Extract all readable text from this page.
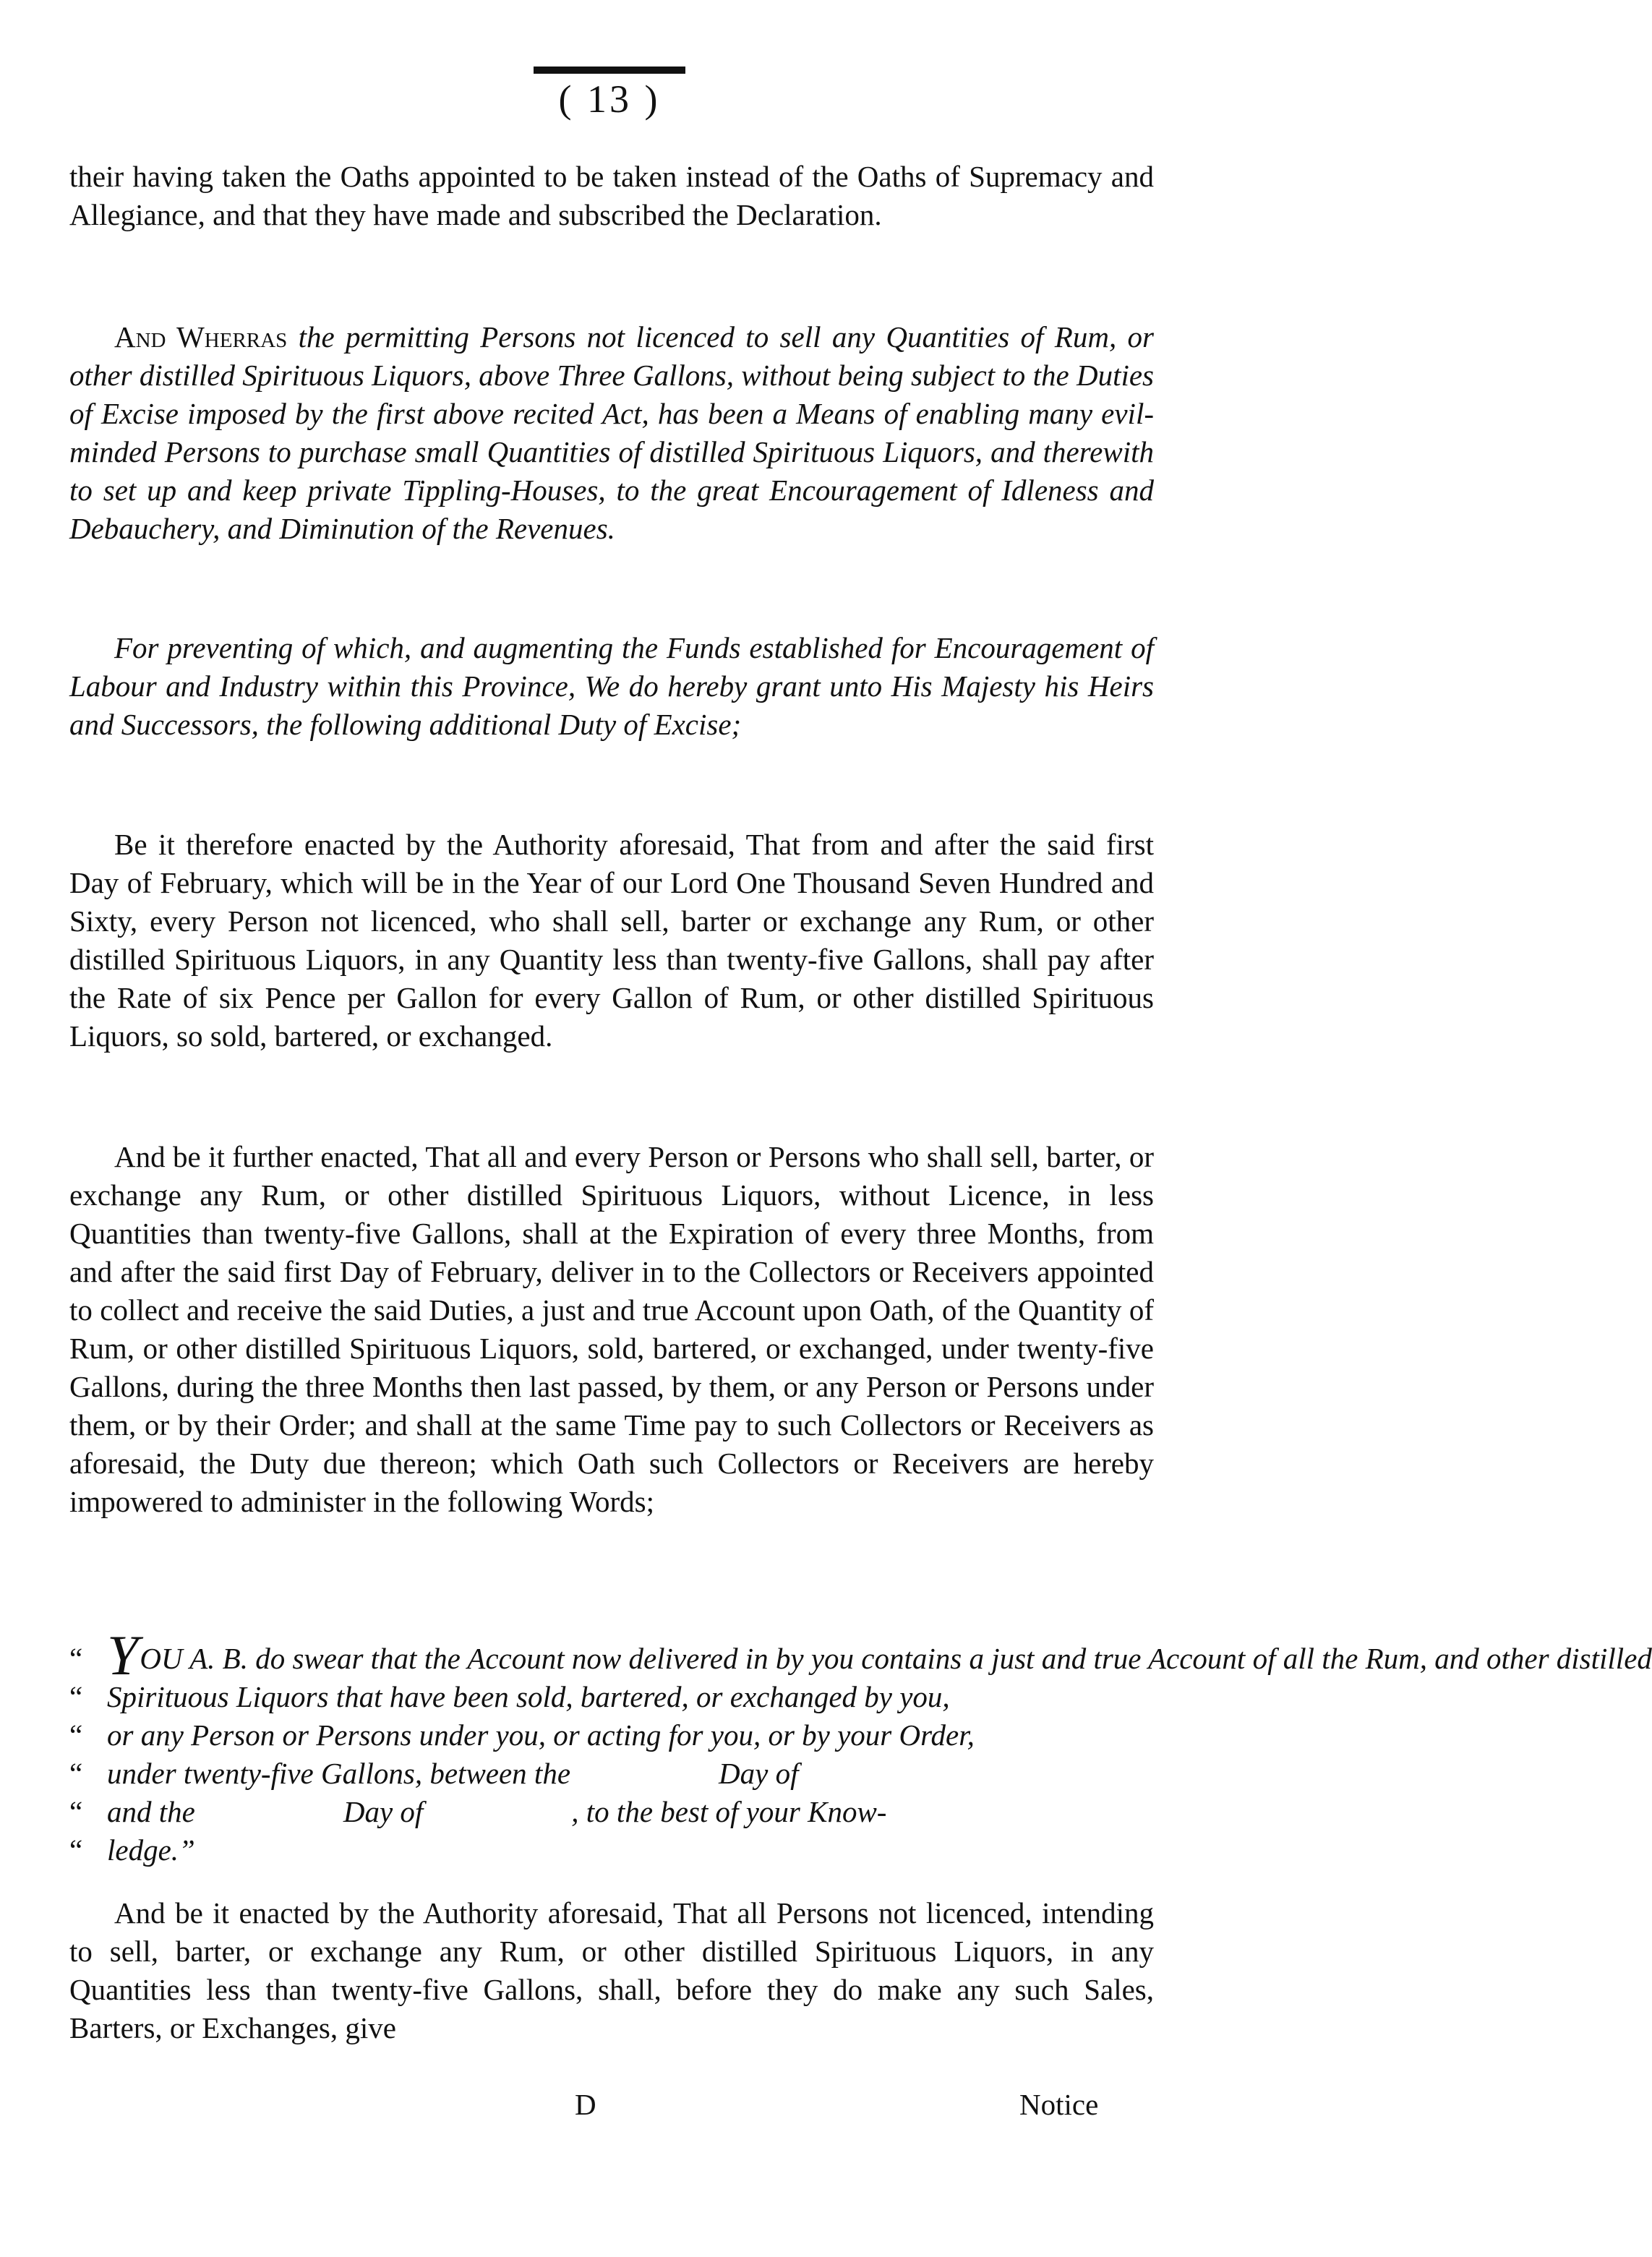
( 13 )

their having taken the Oaths appointed to be taken instead of the Oaths of Supremacy and Allegiance, and that they have made and subscribed the Declaration.

And Wherras the permitting Persons not licenced to sell any Quantities of Rum, or other distilled Spirituous Liquors, above Three Gallons, without being subject to the Duties of Excise imposed by the first above recited Act, has been a Means of enabling many evil-minded Persons to purchase small Quantities of distilled Spirituous Liquors, and therewith to set up and keep private Tippling-Houses, to the great Encouragement of Idleness and Debauchery, and Diminution of the Revenues.

For preventing of which, and augmenting the Funds established for Encouragement of Labour and Industry within this Province, We do hereby grant unto His Majesty his Heirs and Successors, the following additional Duty of Excise;

Be it therefore enacted by the Authority aforesaid, That from and after the said first Day of February, which will be in the Year of our Lord One Thousand Seven Hundred and Sixty, every Person not licenced, who shall sell, barter or exchange any Rum, or other distilled Spirituous Liquors, in any Quantity less than twenty-five Gallons, shall pay after the Rate of six Pence per Gallon for every Gallon of Rum, or other distilled Spirituous Liquors, so sold, bartered, or exchanged.

And be it further enacted, That all and every Person or Persons who shall sell, barter, or exchange any Rum, or other distilled Spirituous Liquors, without Licence, in less Quantities than twenty-five Gallons, shall at the Expiration of every three Months, from and after the said first Day of February, deliver in to the Collectors or Receivers appointed to collect and receive the said Duties, a just and true Account upon Oath, of the Quantity of Rum, or other distilled Spirituous Liquors, sold, bartered, or exchanged, under twenty-five Gallons, during the three Months then last passed, by them, or any Person or Persons under them, or by their Order; and shall at the same Time pay to such Collectors or Receivers as aforesaid, the Duty due thereon; which Oath such Collectors or Receivers are hereby impowered to administer in the following Words;

“ YOU A. B. do swear that the Account now delivered in by you contains a just and true Account of all the Rum, and other distilled
“ Spirituous Liquors that have been sold, bartered, or exchanged by you,
“ or any Person or Persons under you, or acting for you, or by your Order,
“ under twenty-five Gallons, between the                    Day of
“ and the                    Day of                    , to the best of your Know-
“ ledge.”

And be it enacted by the Authority aforesaid, That all Persons not licenced, intending to sell, barter, or exchange any Rum, or other distilled Spirituous Liquors, in any Quantities less than twenty-five Gallons, shall, before they do make any such Sales, Barters, or Exchanges, give

D	Notice
